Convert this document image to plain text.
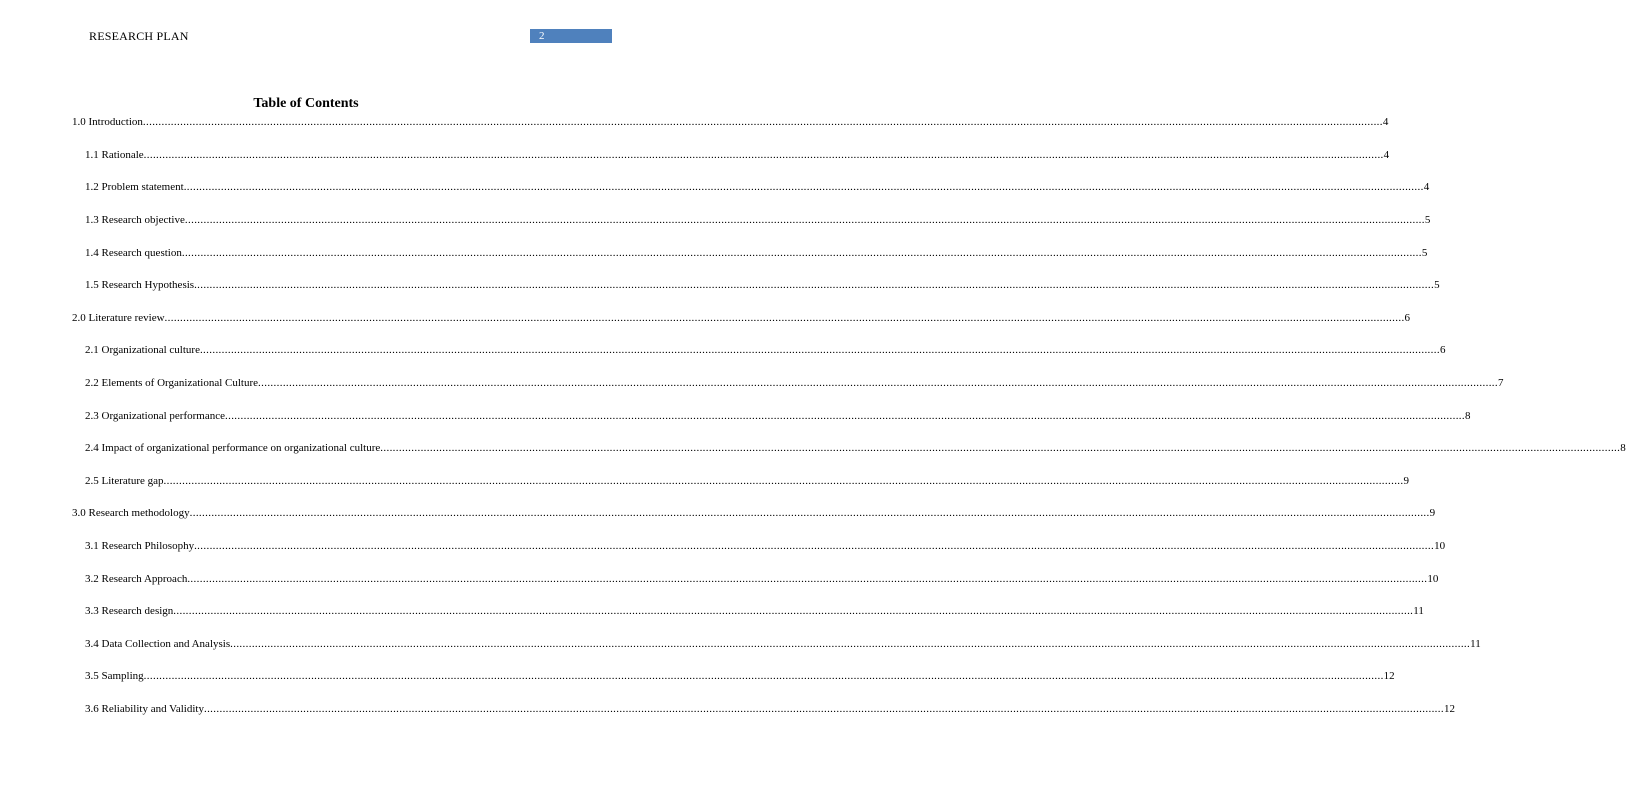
RESEARCH PLAN	2
Table of Contents
1.0 Introduction ................................................................................................................................................................................................................................................................................................................................................................................................................ 4
1.1 Rationale ................................................................................................................................................................................................................................................................................................................................................................................................................ 4
1.2 Problem statement ................................................................................................................................................................................................................................................................................................................................................................................................................ 4
1.3 Research objective ................................................................................................................................................................................................................................................................................................................................................................................................................ 5
1.4 Research question ................................................................................................................................................................................................................................................................................................................................................................................................................ 5
1.5 Research Hypothesis ................................................................................................................................................................................................................................................................................................................................................................................................................ 5
2.0 Literature review ................................................................................................................................................................................................................................................................................................................................................................................................................ 6
2.1 Organizational culture ................................................................................................................................................................................................................................................................................................................................................................................................................ 6
2.2 Elements of Organizational Culture ................................................................................................................................................................................................................................................................................................................................................................................................................ 7
2.3 Organizational performance ................................................................................................................................................................................................................................................................................................................................................................................................................ 8
2.4 Impact of organizational performance on organizational culture ................................................................................................................................................................................................................................................................................................................................................................................................................ 8
2.5 Literature gap ................................................................................................................................................................................................................................................................................................................................................................................................................ 9
3.0 Research methodology ................................................................................................................................................................................................................................................................................................................................................................................................................ 9
3.1 Research Philosophy ................................................................................................................................................................................................................................................................................................................................................................................................................ 10
3.2 Research Approach ................................................................................................................................................................................................................................................................................................................................................................................................................ 10
3.3 Research design ................................................................................................................................................................................................................................................................................................................................................................................................................ 11
3.4 Data Collection and Analysis ................................................................................................................................................................................................................................................................................................................................................................................................................ 11
3.5 Sampling ................................................................................................................................................................................................................................................................................................................................................................................................................ 12
3.6 Reliability and Validity ................................................................................................................................................................................................................................................................................................................................................................................................................ 12
